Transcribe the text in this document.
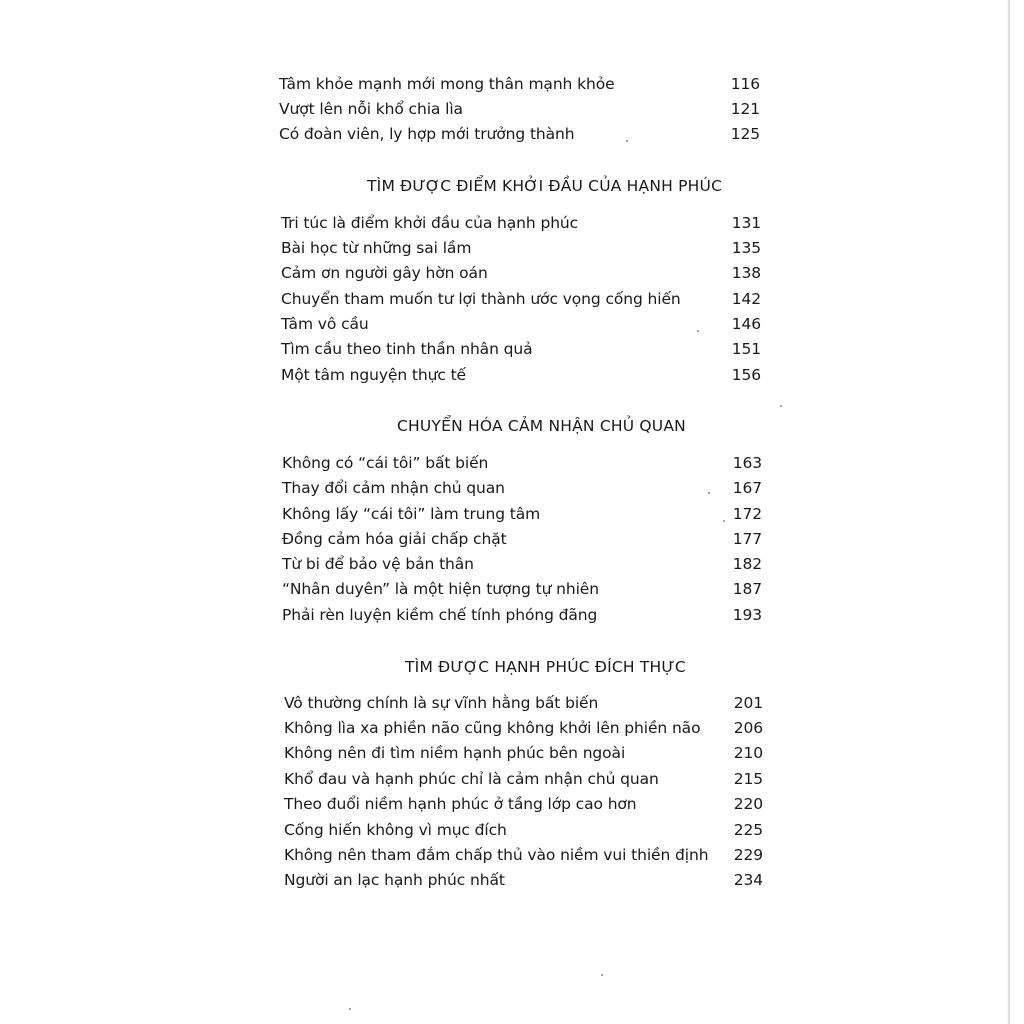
Tâm khỏe mạnh mới mong thân mạnh khỏe	116
Vượt lên nỗi khổ chia lìa	121
Có đoàn viên, ly hợp mới trưởng thành	125
TÌM ĐƯỢC ĐIỂM KHỞI ĐẦU CỦA HẠNH PHÚC
Tri túc là điểm khởi đầu của hạnh phúc	131
Bài học từ những sai lầm	135
Cảm ơn người gây hờn oán	138
Chuyển tham muốn tư lợi thành ước vọng cống hiến	142
Tâm vô cầu	146
Tìm cầu theo tinh thần nhân quả	151
Một tâm nguyện thực tế	156
CHUYỂN HÓA CẢM NHẬN CHỦ QUAN
Không có “cái tôi” bất biến	163
Thay đổi cảm nhận chủ quan	167
Không lấy “cái tôi” làm trung tâm	172
Đồng cảm hóa giải chấp chặt	177
Từ bi để bảo vệ bản thân	182
“Nhân duyên” là một hiện tượng tự nhiên	187
Phải rèn luyện kiềm chế tính phóng đãng	193
TÌM ĐƯỢC HẠNH PHÚC ĐÍCH THỰC
Vô thường chính là sự vĩnh hằng bất biến	201
Không lìa xa phiền não cũng không khởi lên phiền não	206
Không nên đi tìm niềm hạnh phúc bên ngoài	210
Khổ đau và hạnh phúc chỉ là cảm nhận chủ quan	215
Theo đuổi niềm hạnh phúc ở tầng lớp cao hơn	220
Cống hiến không vì mục đích	225
Không nên tham đắm chấp thủ vào niềm vui thiền định	229
Người an lạc hạnh phúc nhất	234
